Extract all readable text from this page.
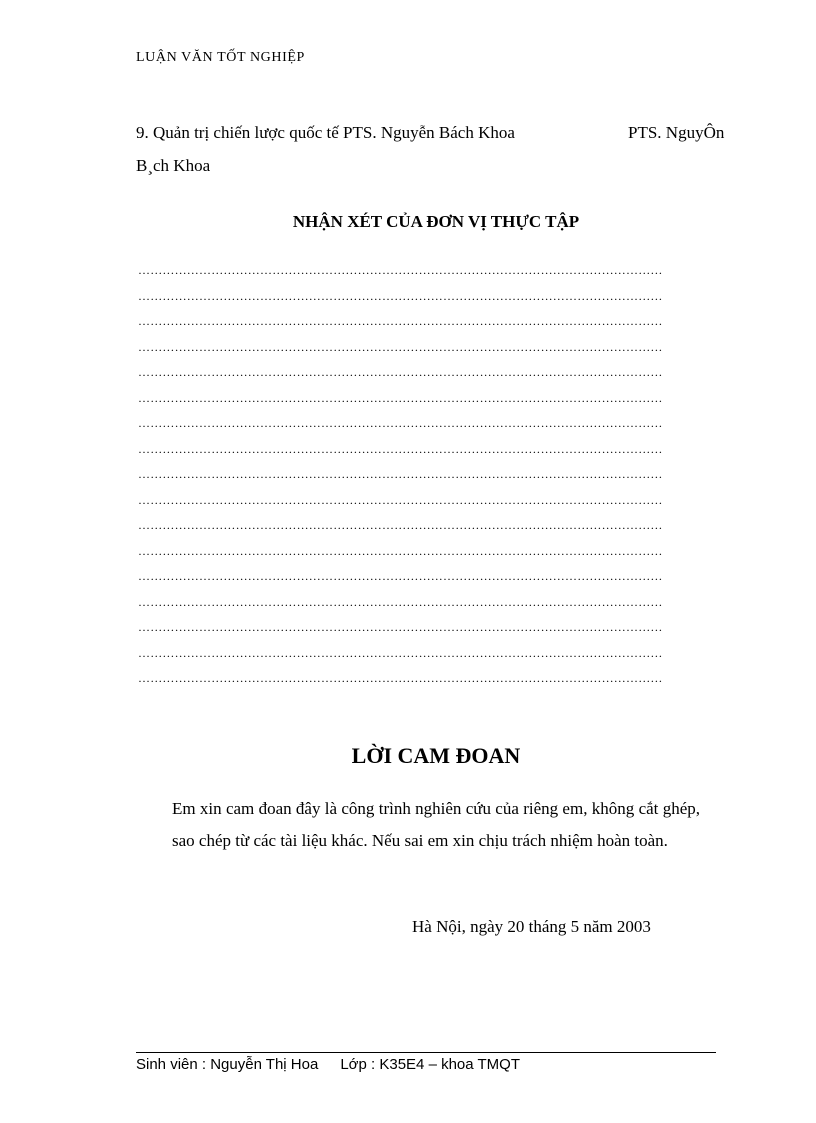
LUẬN VĂN TỐT NGHIỆP
9. Quản trị chiến lược quốc tế PTS. Nguyễn Bách Khoa	PTS. NguyÔn
B¸ch Khoa
NHẬN XÉT CỦA ĐƠN VỊ THỰC TẬP
…………………………………………………………………………………………………………………
…………………………………………………………………………………………………………………
…………………………………………………………………………………………………………………
…………………………………………………………………………………………………………………
…………………………………………………………………………………………………………………
…………………………………………………………………………………………………………………
…………………………………………………………………………………………………………………
…………………………………………………………………………………………………………………
…………………………………………………………………………………………………………………
…………………………………………………………………………………………………………………
…………………………………………………………………………………………………………………
…………………………………………………………………………………………………………………
…………………………………………………………………………………………………………………
…………………………………………………………………………………………………………………
…………………………………………………………………………………………………………………
…………………………………………………………………………………………………………………
…………………………………………………………………………………………………………………
LỜI CAM ĐOAN
Em xin cam đoan đây là công trình nghiên cứu của riêng em, không cắt ghép, sao chép từ các tài liệu khác. Nếu sai em xin chịu trách nhiệm hoàn toàn.
Hà Nội, ngày 20 tháng 5 năm 2003
Sinh viên : Nguyễn Thị Hoa Lớp : K35E4 – khoa TMQT
